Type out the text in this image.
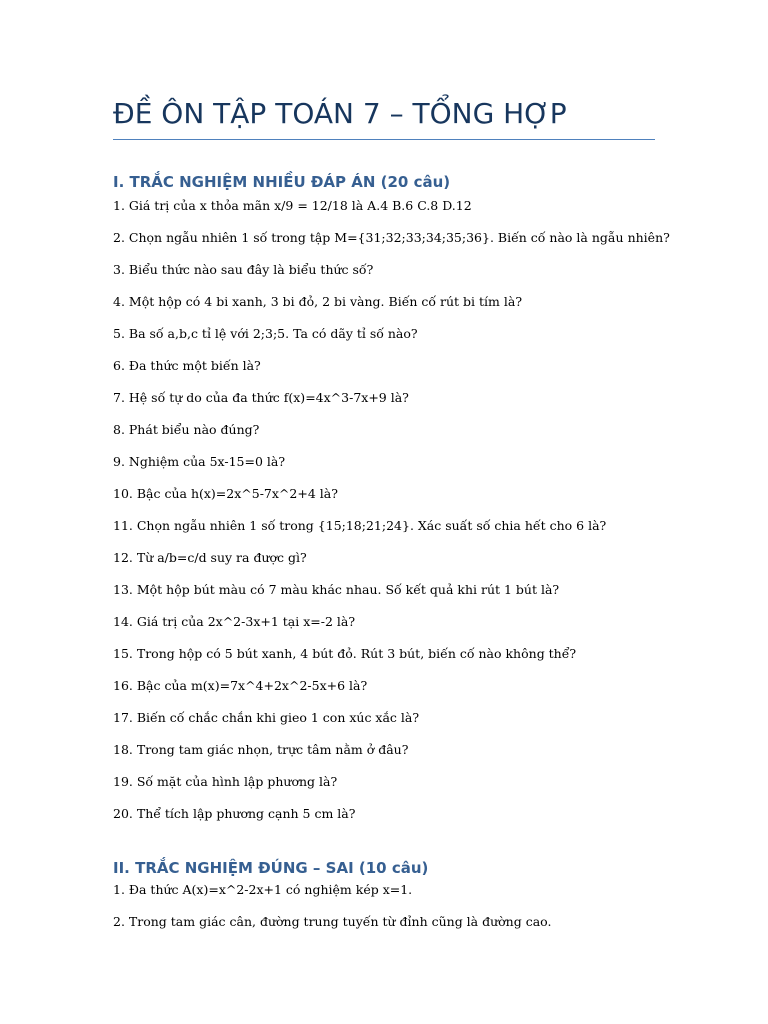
ĐỀ ÔN TẬP TOÁN 7 – TỔNG HỢP
I. TRẮC NGHIỆM NHIỀU ĐÁP ÁN (20 câu)
1. Giá trị của x thỏa mãn x/9 = 12/18 là A.4 B.6 C.8 D.12
2. Chọn ngẫu nhiên 1 số trong tập M={31;32;33;34;35;36}. Biến cố nào là ngẫu nhiên?
3. Biểu thức nào sau đây là biểu thức số?
4. Một hộp có 4 bi xanh, 3 bi đỏ, 2 bi vàng. Biến cố rút bi tím là?
5. Ba số a,b,c tỉ lệ với 2;3;5. Ta có dãy tỉ số nào?
6. Đa thức một biến là?
7. Hệ số tự do của đa thức f(x)=4x^3-7x+9 là?
8. Phát biểu nào đúng?
9. Nghiệm của 5x-15=0 là?
10. Bậc của h(x)=2x^5-7x^2+4 là?
11. Chọn ngẫu nhiên 1 số trong {15;18;21;24}. Xác suất số chia hết cho 6 là?
12. Từ a/b=c/d suy ra được gì?
13. Một hộp bút màu có 7 màu khác nhau. Số kết quả khi rút 1 bút là?
14. Giá trị của 2x^2-3x+1 tại x=-2 là?
15. Trong hộp có 5 bút xanh, 4 bút đỏ. Rút 3 bút, biến cố nào không thể?
16. Bậc của m(x)=7x^4+2x^2-5x+6 là?
17. Biến cố chắc chắn khi gieo 1 con xúc xắc là?
18. Trong tam giác nhọn, trực tâm nằm ở đâu?
19. Số mặt của hình lập phương là?
20. Thể tích lập phương cạnh 5 cm là?
II. TRẮC NGHIỆM ĐÚNG – SAI (10 câu)
1. Đa thức A(x)=x^2-2x+1 có nghiệm kép x=1.
2. Trong tam giác cân, đường trung tuyến từ đỉnh cũng là đường cao.
